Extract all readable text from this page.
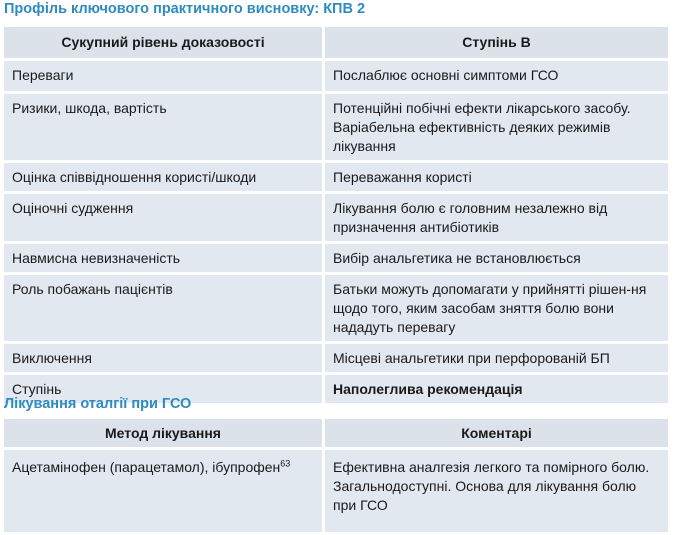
Профіль ключового практичного висновку: КПВ 2
Сукупний рівень доказовості	Ступінь В
Переваги	Послаблює основні симптоми ГСО
Ризики, шкода, вартість	Потенційні побічні ефекти лікарського засобу. Варіабельна ефективність деяких режимів лікування
Оцінка співвідношення користі/шкоди	Переважання користі
Оціночні судження	Лікування болю є головним незалежно від призначення антибіотиків
Навмисна невизначеність	Вибір анальгетика не встановлюється
Роль побажань пацієнтів	Батьки можуть допомагати у прийнятті рішен-ня щодо того, яким засобам зняття болю вони нададуть перевагу
Виключення	Місцеві анальгетики при перфорованій БП
Ступінь	Наполеглива рекомендація
Лікування оталгії при ГСО
Метод лікування	Коментарі
Ацетамінофен (парацетамол), ібупрофен$^{63}$	Ефективна аналгезія легкого та помірного болю.
Загальнодоступні. Основа для лікування болю при ГСО
